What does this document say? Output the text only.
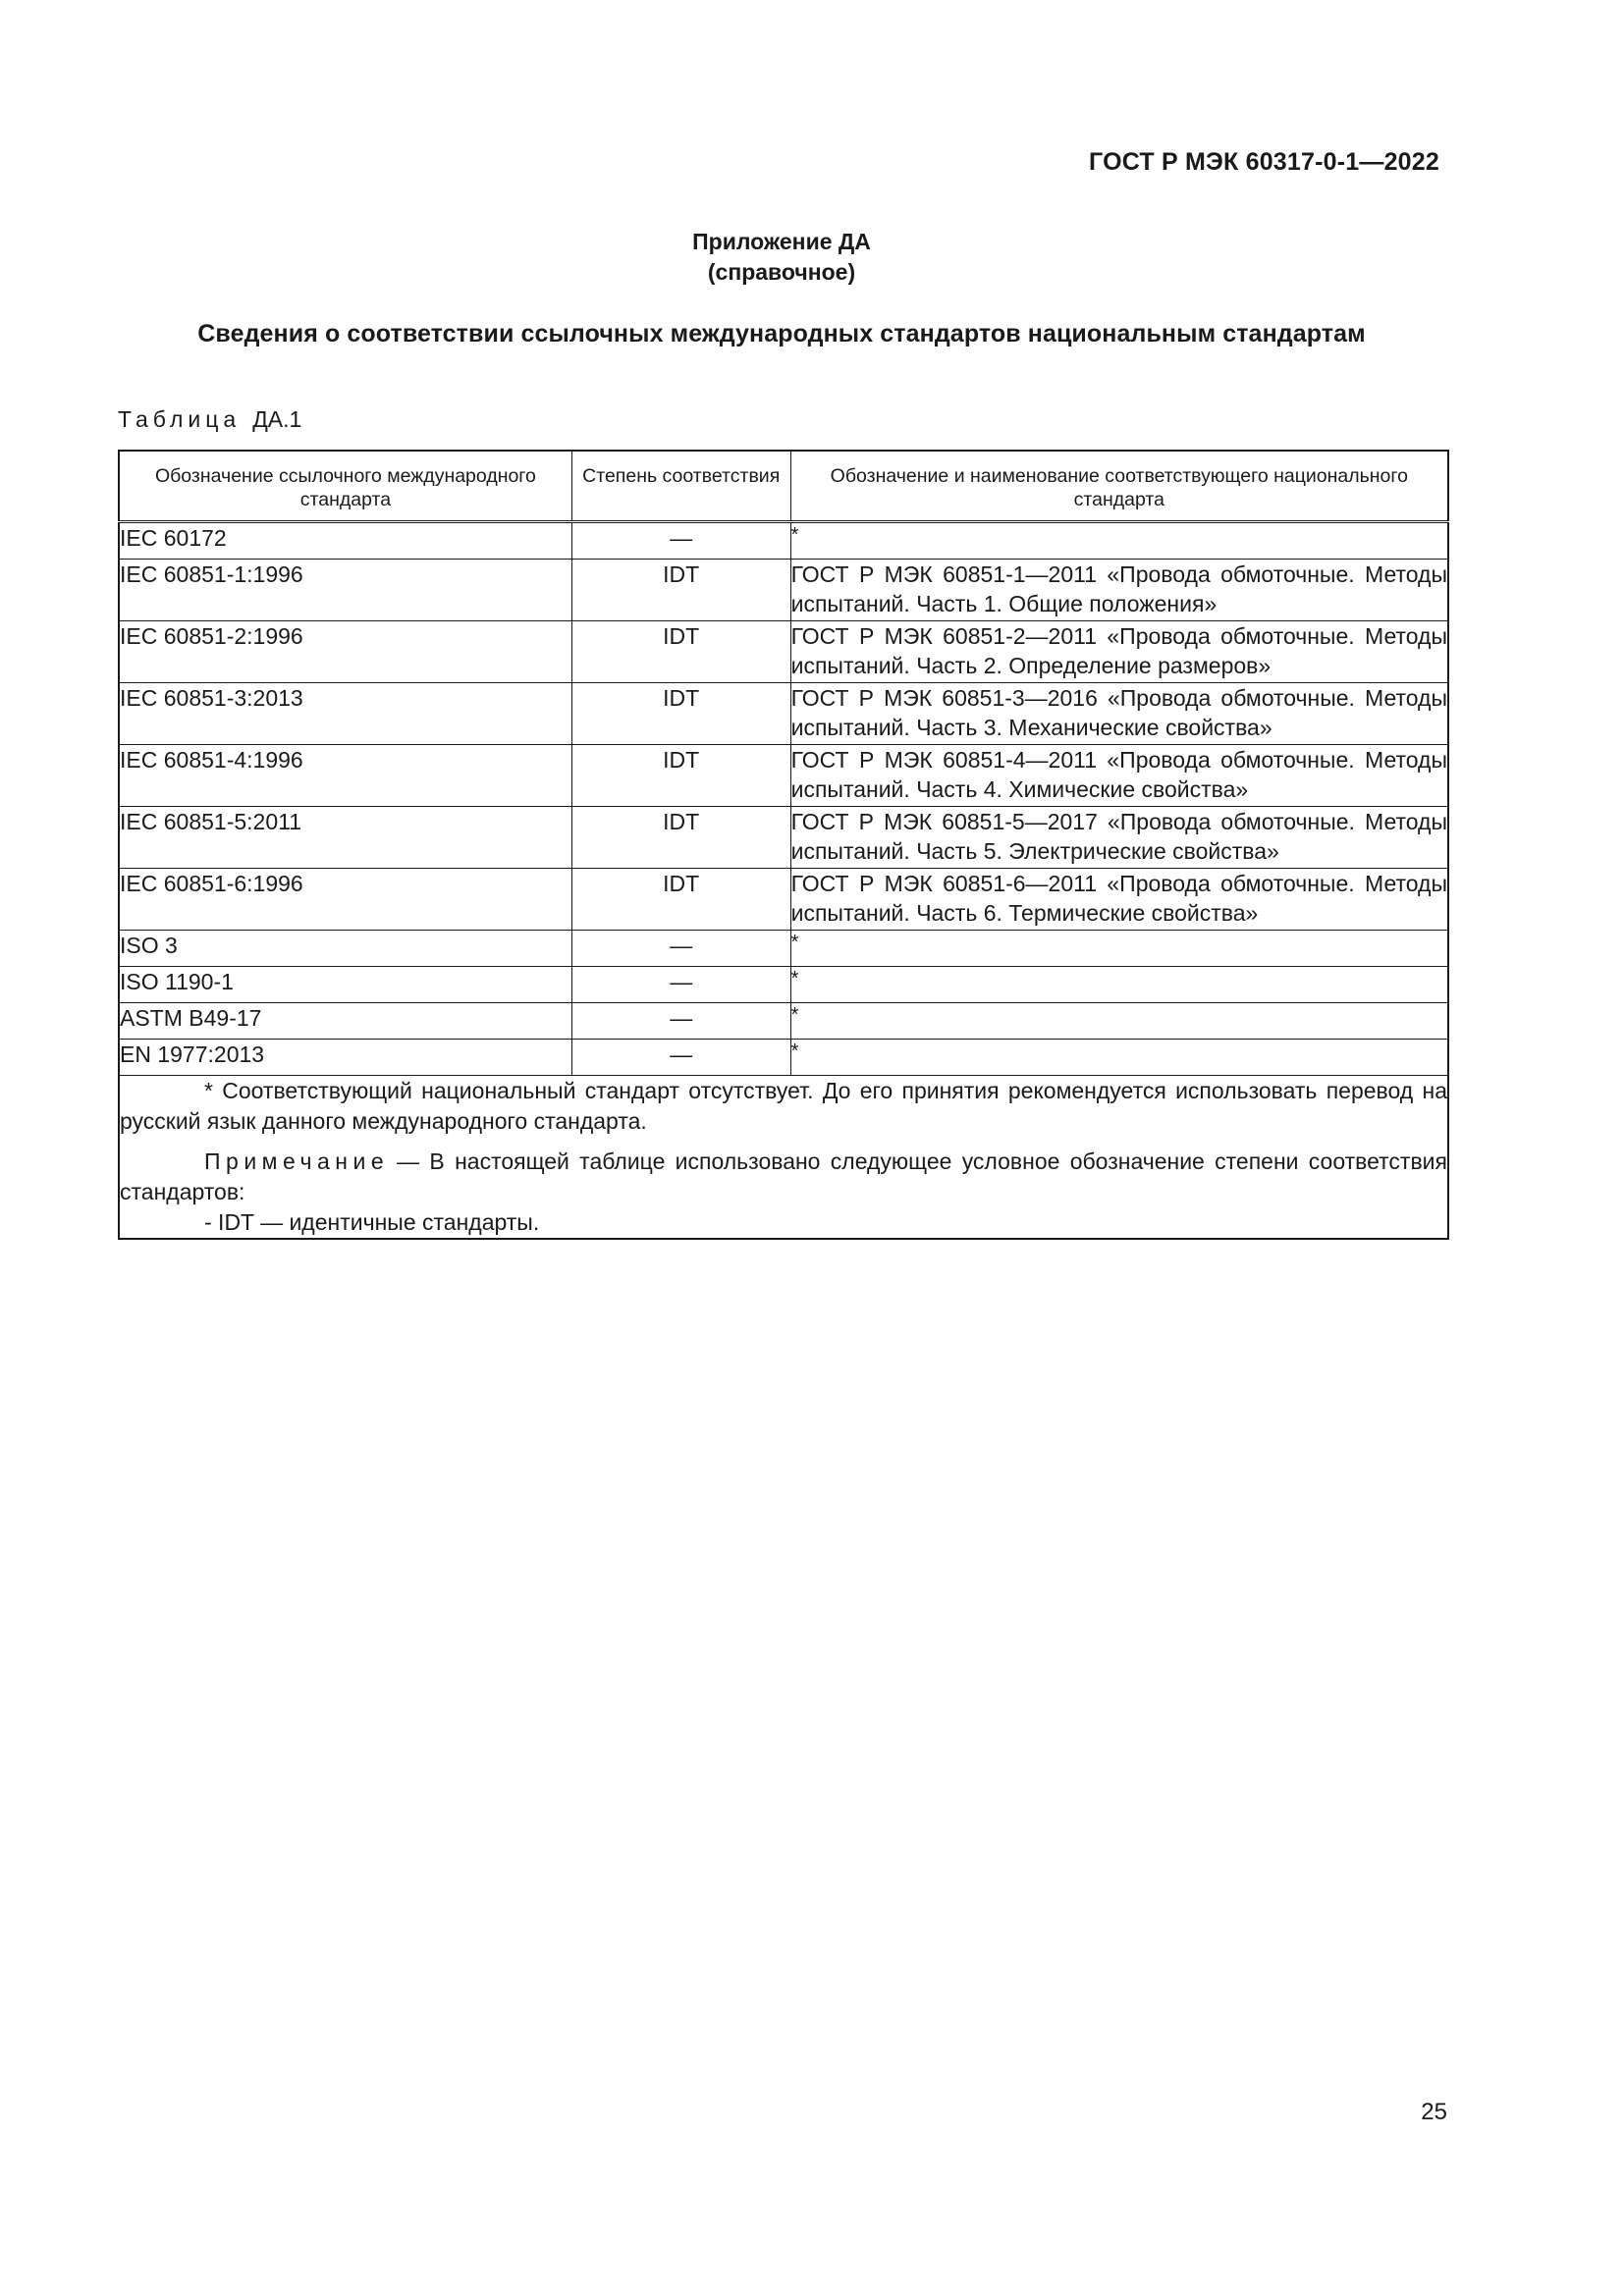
ГОСТ Р МЭК 60317-0-1—2022
Приложение ДА
(справочное)
Сведения о соответствии ссылочных международных стандартов национальным стандартам
Таблица ДА.1
Обозначение ссылочного международного стандарта	Степень соответствия	Обозначение и наименование соответствующего национального стандарта
IEC 60172	—	*
IEC 60851-1:1996	IDT	ГОСТ Р МЭК 60851-1—2011 «Провода обмоточные. Методы испытаний. Часть 1. Общие положения»
IEC 60851-2:1996	IDT	ГОСТ Р МЭК 60851-2—2011 «Провода обмоточные. Методы испытаний. Часть 2. Определение размеров»
IEC 60851-3:2013	IDT	ГОСТ Р МЭК 60851-3—2016 «Провода обмоточные. Методы испытаний. Часть 3. Механические свойства»
IEC 60851-4:1996	IDT	ГОСТ Р МЭК 60851-4—2011 «Провода обмоточные. Методы испытаний. Часть 4. Химические свойства»
IEC 60851-5:2011	IDT	ГОСТ Р МЭК 60851-5—2017 «Провода обмоточные. Методы испытаний. Часть 5. Электрические свойства»
IEC 60851-6:1996	IDT	ГОСТ Р МЭК 60851-6—2011 «Провода обмоточные. Методы испытаний. Часть 6. Термические свойства»
ISO 3	—	*
ISO 1190-1	—	*
ASTM B49-17	—	*
EN 1977:2013	—	*

* Соответствующий национальный стандарт отсутствует. До его принятия рекомендуется использовать перевод на русский язык данного международного стандарта.

Примечание — В настоящей таблице использовано следующее условное обозначение степени соответствия стандартов:

- IDT — идентичные стандарты.		

25
